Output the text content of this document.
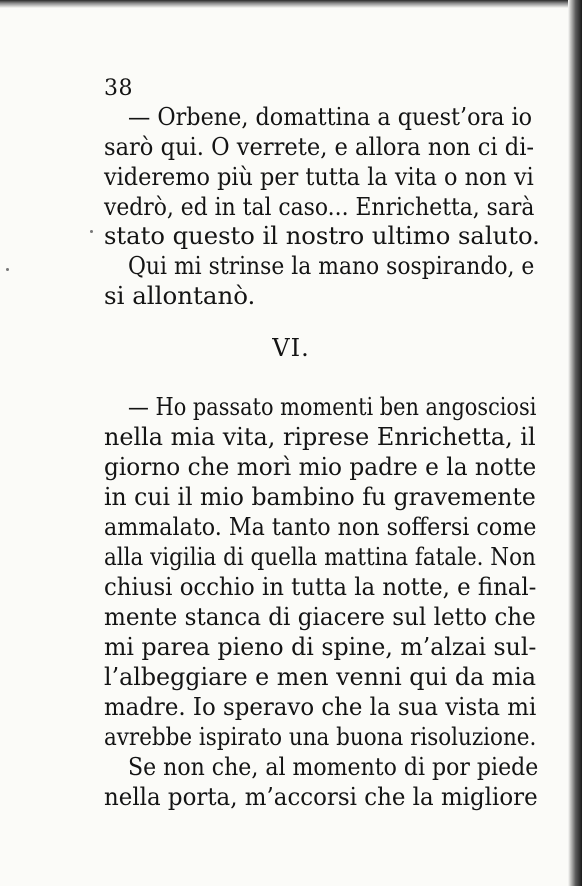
38
— Orbene, domattina a quest’ora io
sarò qui. O verrete, e allora non ci di-
videremo più per tutta la vita o non vi
vedrò, ed in tal caso... Enrichetta, sarà
stato questo il nostro ultimo saluto.
Qui mi strinse la mano sospirando, e
si allontanò.
VI.
— Ho passato momenti ben angosciosi
nella mia vita, riprese Enrichetta, il
giorno che morì mio padre e la notte
in cui il mio bambino fu gravemente
ammalato. Ma tanto non soffersi come
alla vigilia di quella mattina fatale. Non
chiusi occhio in tutta la notte, e final-
mente stanca di giacere sul letto che
mi parea pieno di spine, m’alzai sul-
l’albeggiare e men venni qui da mia
madre. Io speravo che la sua vista mi
avrebbe ispirato una buona risoluzione.
Se non che, al momento di por piede
nella porta, m’accorsi che la migliore
